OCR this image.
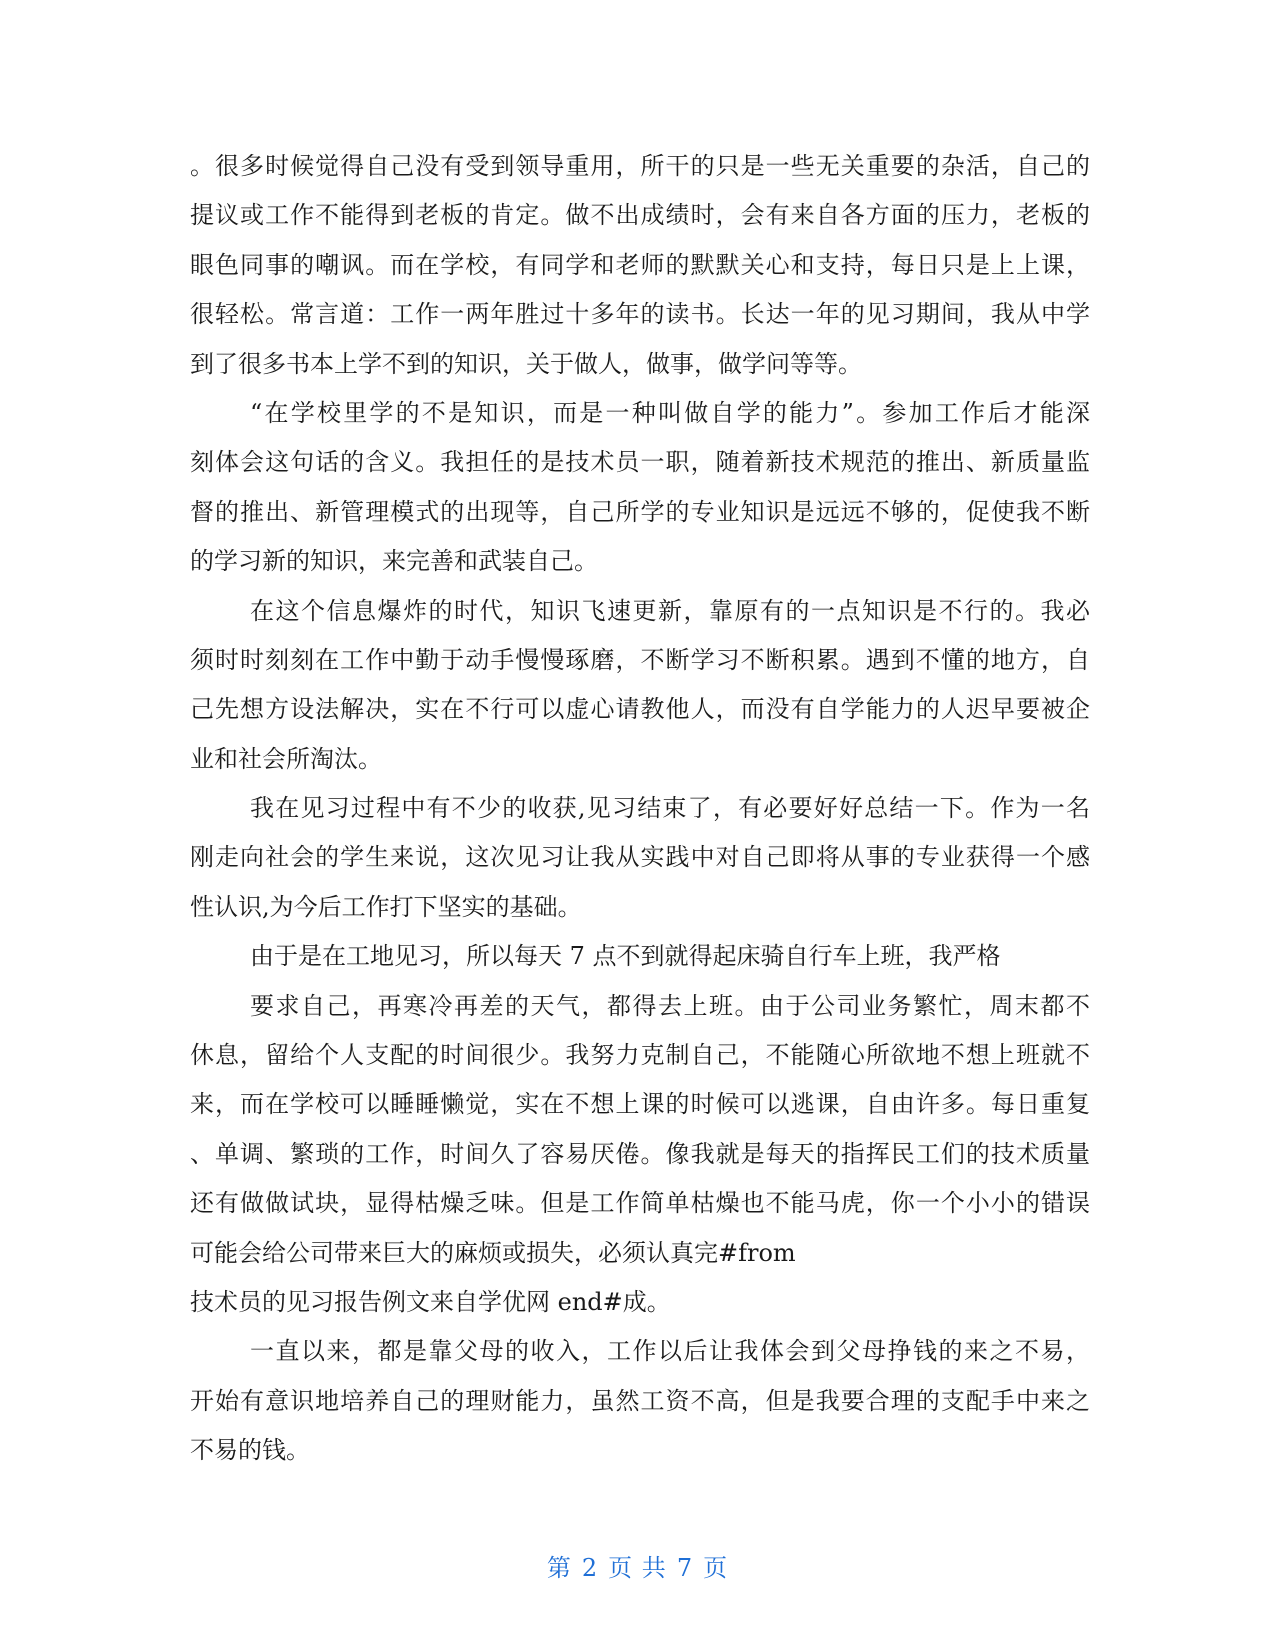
。很多时候觉得自己没有受到领导重用，所干的只是一些无关重要的杂活，自己的
提议或工作不能得到老板的肯定。做不出成绩时，会有来自各方面的压力，老板的
眼色同事的嘲讽。而在学校，有同学和老师的默默关心和支持，每日只是上上课，
很轻松。常言道：工作一两年胜过十多年的读书。长达一年的见习期间，我从中学
到了很多书本上学不到的知识，关于做人，做事，做学问等等。
“在学校里学的不是知识，而是一种叫做自学的能力”。参加工作后才能深
刻体会这句话的含义。我担任的是技术员一职，随着新技术规范的推出、新质量监
督的推出、新管理模式的出现等，自己所学的专业知识是远远不够的，促使我不断
的学习新的知识，来完善和武装自己。
在这个信息爆炸的时代，知识飞速更新，靠原有的一点知识是不行的。我必
须时时刻刻在工作中勤于动手慢慢琢磨，不断学习不断积累。遇到不懂的地方，自
己先想方设法解决，实在不行可以虚心请教他人，而没有自学能力的人迟早要被企
业和社会所淘汰。
我在见习过程中有不少的收获,见习结束了，有必要好好总结一下。作为一名
刚走向社会的学生来说，这次见习让我从实践中对自己即将从事的专业获得一个感
性认识,为今后工作打下坚实的基础。
由于是在工地见习，所以每天 7 点不到就得起床骑自行车上班，我严格
要求自己，再寒冷再差的天气，都得去上班。由于公司业务繁忙，周末都不
休息，留给个人支配的时间很少。我努力克制自己，不能随心所欲地不想上班就不
来，而在学校可以睡睡懒觉，实在不想上课的时候可以逃课，自由许多。每日重复
、单调、繁琐的工作，时间久了容易厌倦。像我就是每天的指挥民工们的技术质量
还有做做试块，显得枯燥乏味。但是工作简单枯燥也不能马虎，你一个小小的错误
可能会给公司带来巨大的麻烦或损失，必须认真完#from
技术员的见习报告例文来自学优网 end#成。
一直以来，都是靠父母的收入，工作以后让我体会到父母挣钱的来之不易，
开始有意识地培养自己的理财能力，虽然工资不高，但是我要合理的支配手中来之
不易的钱。
第 2 页 共 7 页
